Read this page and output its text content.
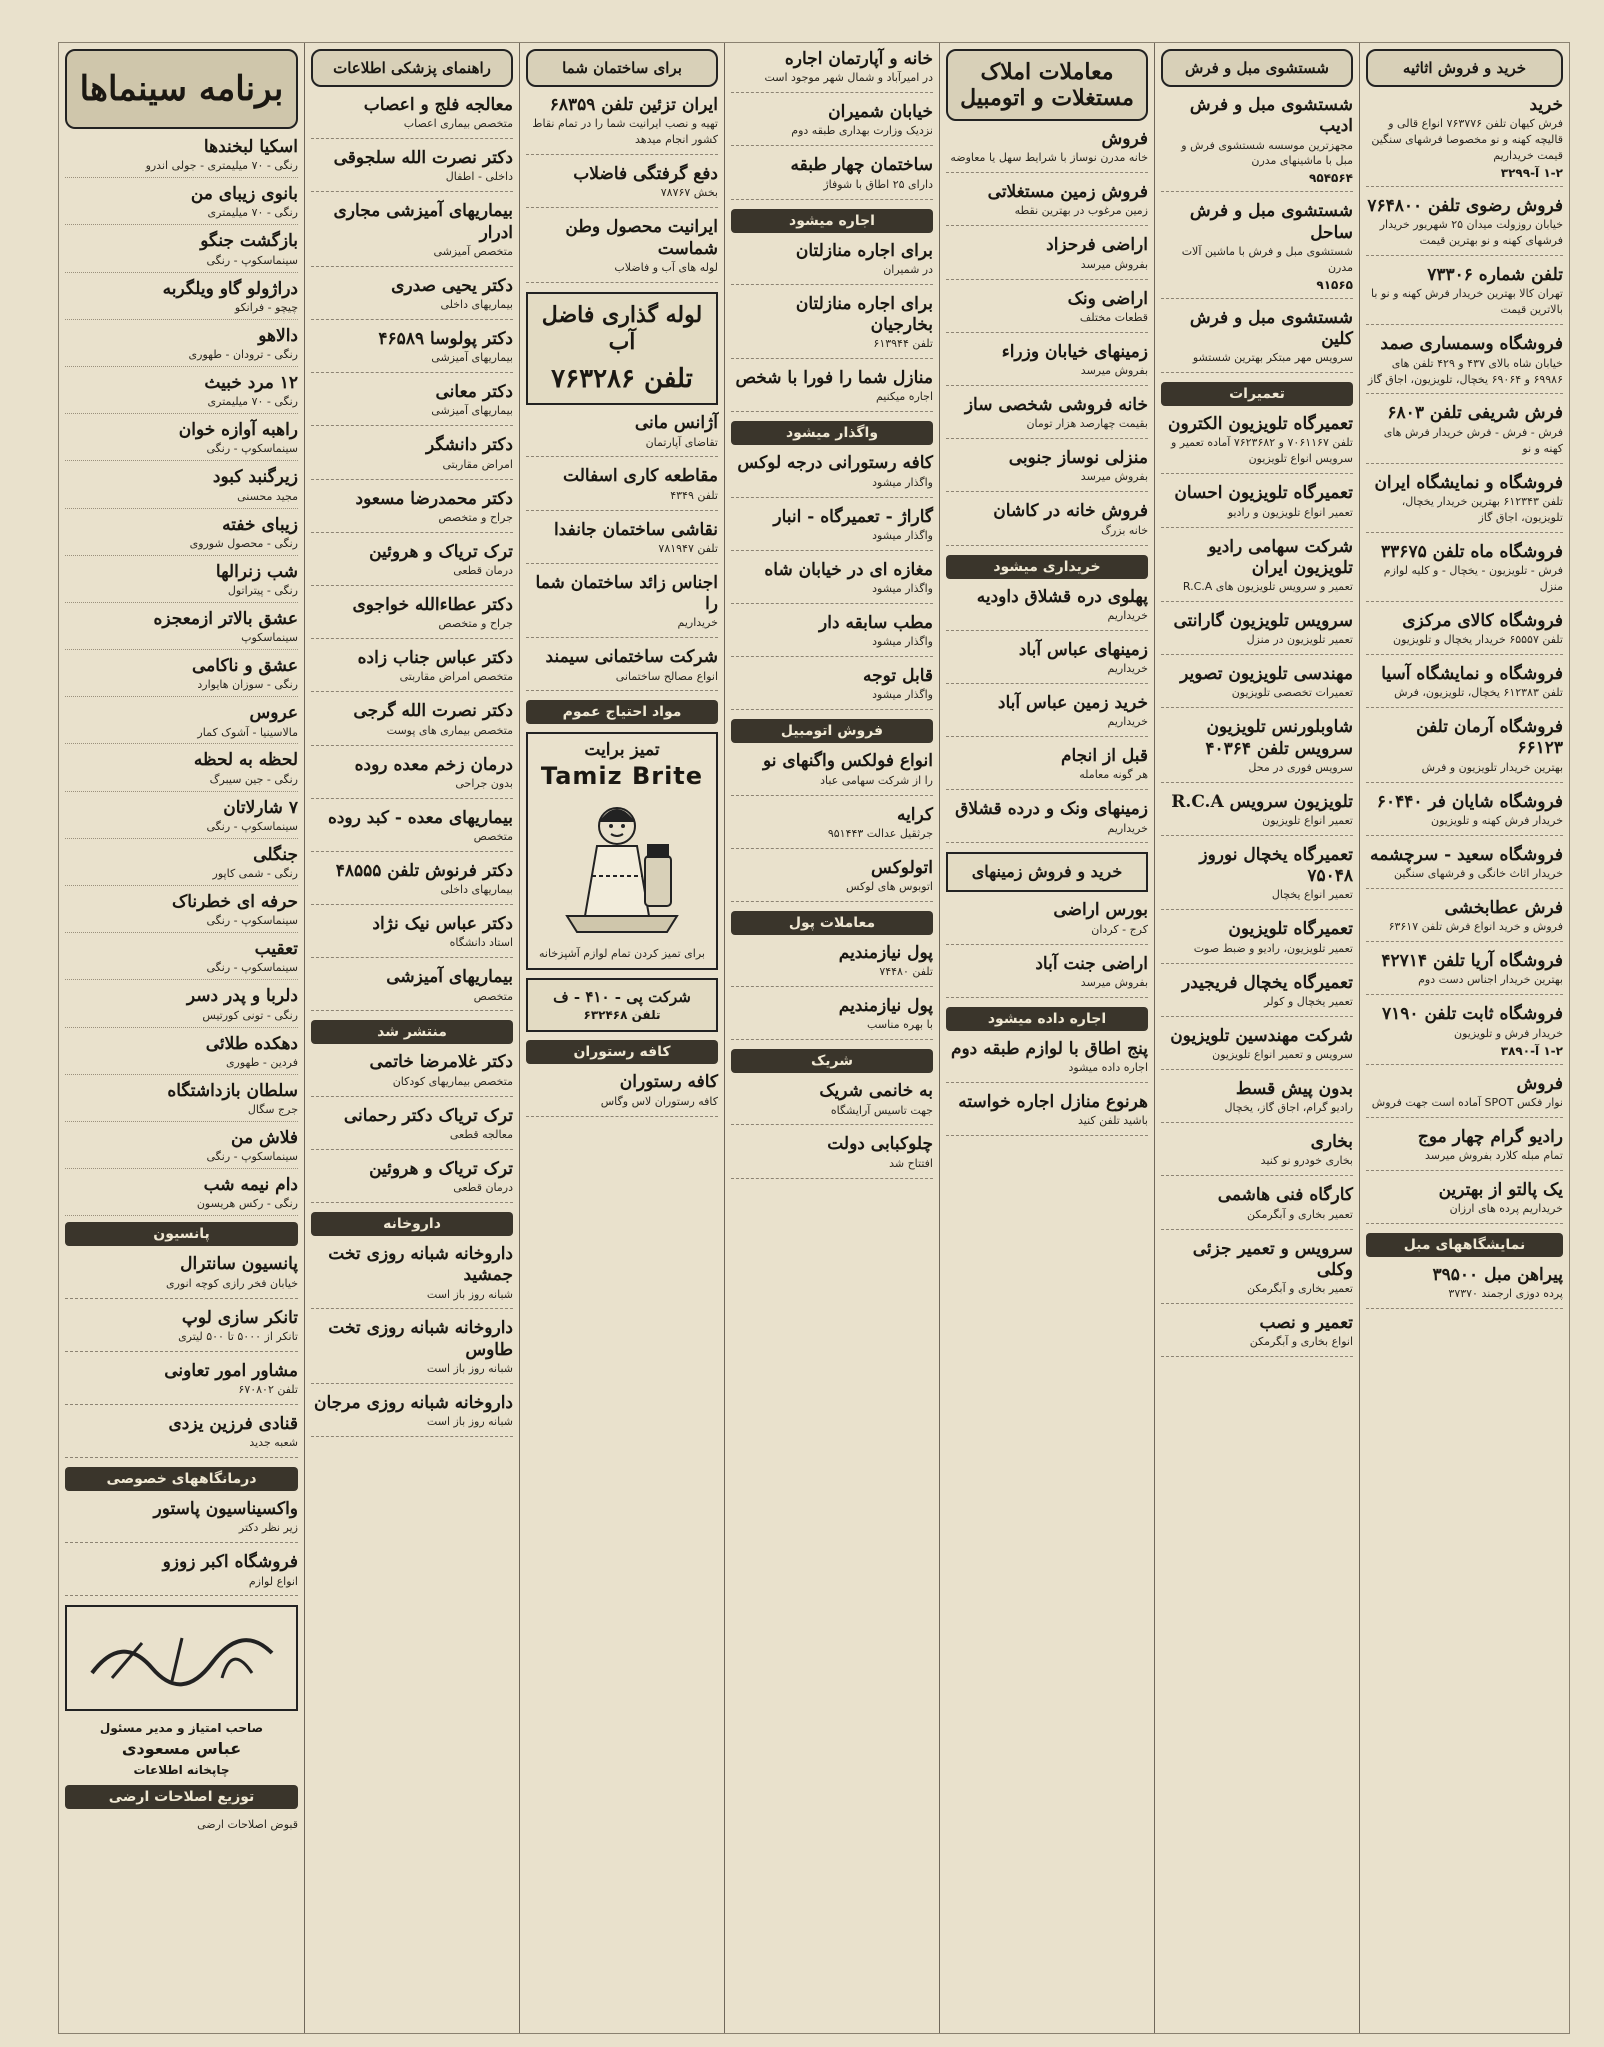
خرید و فروش اثاثیه
خرید
فرش کیهان تلفن ۷۶۳۷۷۶ انواع قالی و قالیچه کهنه و نو مخصوصا فرشهای سنگین قیمت خریداریم
۱-۲ آ-۳۲۹۹
فروش رضوی تلفن ۷۶۴۸۰۰
خیابان روزولت میدان ۲۵ شهریور خریدار فرشهای کهنه و نو بهترین قیمت
تلفن شماره ۷۳۳۰۶
تهران کالا بهترین خریدار فرش کهنه و نو با بالاترین قیمت
فروشگاه وسمساری صمد
خیابان شاه بالای ۴۳۷ و ۴۲۹ تلفن های ۶۹۹۸۶ و ۶۹۰۶۴ یخچال، تلویزیون، اجاق گاز
فرش شریفی تلفن ۶۸۰۳
فرش - فرش - فرش خریدار فرش های کهنه و نو
فروشگاه و نمایشگاه ایران
تلفن ۶۱۲۳۴۳ بهترین خریدار یخچال، تلویزیون، اجاق گاز
فروشگاه ماه تلفن ۳۳۶۷۵
فرش - تلویزیون - یخچال - و کلیه لوازم منزل
فروشگاه کالای مرکزی
تلفن ۶۵۵۵۷ خریدار یخچال و تلویزیون
فروشگاه و نمایشگاه آسیا
تلفن ۶۱۲۳۸۳ یخچال، تلویزیون، فرش
فروشگاه آرمان تلفن ۶۶۱۲۳
بهترین خریدار تلویزیون و فرش
فروشگاه شایان فر ۶۰۴۴۰
خریدار فرش کهنه و تلویزیون
فروشگاه سعید - سرچشمه
خریدار اثاث خانگی و فرشهای سنگین
فرش عطابخشی
فروش و خرید انواع فرش تلفن ۶۳۶۱۷
فروشگاه آریا تلفن ۴۲۷۱۴
بهترین خریدار اجناس دست دوم
فروشگاه ثابت تلفن ۷۱۹۰
خریدار فرش و تلویزیون
۱-۲ آ-۳۸۹۰
فروش
نوار فکس SPOT آماده است جهت فروش
رادیو گرام چهار موج
تمام مبله کلارد بفروش میرسد
یک پالتو از بهترین
خریداریم پرده های ارزان
نمایشگاههای مبل
پیراهن مبل ۳۹۵۰۰
پرده دوزی ارجمند ۳۷۳۷۰
شستشوی مبل و فرش
شستشوی مبل و فرش ادیب
مجهزترین موسسه شستشوی فرش و مبل با ماشینهای مدرن
۹۵۴۵۶۴
شستشوی مبل و فرش ساحل
شستشوی مبل و فرش با ماشین آلات مدرن
۹۱۵۶۵
شستشوی مبل و فرش کلین
سرویس مهر مبتکر بهترین شستشو
تعمیرات
تعمیرگاه تلویزیون الکترون
تلفن ۷۰۶۱۱۶۷ و ۷۶۲۳۶۸۲ آماده تعمیر و سرویس انواع تلویزیون
تعمیرگاه تلویزیون احسان
تعمیر انواع تلویزیون و رادیو
شرکت سهامی رادیو تلویزیون ایران
تعمیر و سرویس تلویزیون های R.C.A
سرویس تلویزیون گارانتی
تعمیر تلویزیون در منزل
مهندسی تلویزیون تصویر
تعمیرات تخصصی تلویزیون
شاوبلورنس تلویزیون سرویس تلفن ۴۰۳۶۴
سرویس فوری در محل
تلویزیون سرویس R.C.A
تعمیر انواع تلویزیون
تعمیرگاه یخچال نوروز ۷۵۰۴۸
تعمیر انواع یخچال
تعمیرگاه تلویزیون
تعمیر تلویزیون، رادیو و ضبط صوت
تعمیرگاه یخچال فریجیدر
تعمیر یخچال و کولر
شرکت مهندسین تلویزیون
سرویس و تعمیر انواع تلویزیون
بدون پیش قسط
رادیو گرام، اجاق گاز، یخچال
بخاری
بخاری خودرو نو کنید
کارگاه فنی هاشمی
تعمیر بخاری و آبگرمکن
سرویس و تعمیر جزئی وکلی
تعمیر بخاری و آبگرمکن
تعمیر و نصب
انواع بخاری و آبگرمکن
معاملات املاک مستغلات و اتومبیل
فروش
خانه مدرن نوساز با شرایط سهل یا معاوضه
فروش زمین مستغلاتی
زمین مرغوب در بهترین نقطه
اراضی فرحزاد
بفروش میرسد
اراضی ونک
قطعات مختلف
زمینهای خیابان وزراء
بفروش میرسد
خانه فروشی شخصی ساز
بقیمت چهارصد هزار تومان
منزلی نوساز جنوبی
بفروش میرسد
فروش خانه در کاشان
خانه بزرگ
خریداری میشود
پهلوی دره قشلاق داودیه
خریداریم
زمینهای عباس آباد
خریداریم
خرید زمین عباس آباد
خریداریم
قبل از انجام
هر گونه معامله
زمینهای ونک و درده قشلاق
خریداریم
خرید و فروش زمینهای
بورس اراضی
کرج - کردان
اراضی جنت آباد
بفروش میرسد
اجاره داده میشود
پنج اطاق با لوازم طبقه دوم
اجاره داده میشود
هرنوع منازل اجاره خواسته
باشید تلفن کنید
خانه و آپارتمان اجاره
در امیرآباد و شمال شهر موجود است
خیابان شمیران
نزدیک وزارت بهداری طبقه دوم
ساختمان چهار طبقه
دارای ۲۵ اطاق با شوفاژ
اجاره میشود
برای اجاره منازلتان
در شمیران
برای اجاره منازلتان بخارجیان
تلفن ۶۱۳۹۴۴
منازل شما را فورا با شخص
اجاره میکنیم
واگذار میشود
کافه رستورانی درجه لوکس
واگذار میشود
گاراژ - تعمیرگاه - انبار
واگذار میشود
مغازه ای در خیابان شاه
واگذار میشود
مطب سابقه دار
واگذار میشود
قابل توجه
واگذار میشود
فروش اتومبیل
انواع فولکس واگنهای نو
را از شرکت سهامی عباد
کرایه
جرثقیل عدالت ۹۵۱۴۴۳
اتولوکس
اتوبوس های لوکس
معاملات پول
پول نیازمندیم
تلفن ۷۴۴۸۰
پول نیازمندیم
با بهره مناسب
شریک
به خانمی شریک
جهت تاسیس آرایشگاه
چلوکبابی دولت
افتتاح شد
برای ساختمان شما
ایران تزئین تلفن ۶۸۳۵۹
تهیه و نصب ایرانیت شما را در تمام نقاط کشور انجام میدهد
دفع گرفتگی فاضلاب
بخش ۷۸۷۶۷
ایرانیت محصول وطن شماست
لوله های آب و فاضلاب
لوله گذاری فاضل آب
تلفن ۷۶۳۲۸۶
آژانس مانی
تقاضای آپارتمان
مقاطعه کاری اسفالت
تلفن ۴۳۴۹
نقاشی ساختمان جانفدا
تلفن ۷۸۱۹۴۷
اجناس زائد ساختمان شما را
خریداریم
شرکت ساختمانی سیمند
انواع مصالح ساختمانی
مواد احتیاج عموم
تمیز برایت
Tamiz Brite
برای تمیز کردن تمام لوازم آشپزخانه
شرکت پی - ۴۱۰ - ف
تلفن ۶۳۲۴۶۸
کافه رستوران
کافه رستوران
کافه رستوران لاس وگاس
راهنمای پزشکی اطلاعات
معالجه فلج و اعصاب
متخصص بیماری اعصاب
دکتر نصرت الله سلجوقی
داخلی - اطفال
بیماریهای آمیزشی مجاری ادرار
متخصص آمیزشی
دکتر یحیی صدری
بیماریهای داخلی
دکتر پولوسا ۴۶۵۸۹
بیماریهای آمیزشی
دکتر معانی
بیماریهای آمیزشی
دکتر دانشگر
امراض مقاربتی
دکتر محمدرضا مسعود
جراح و متخصص
ترک تریاک و هروئین
درمان قطعی
دکتر عطاءالله خواجوی
جراح و متخصص
دکتر عباس جناب زاده
متخصص امراض مقاربتی
دکتر نصرت الله گرجی
متخصص بیماری های پوست
درمان زخم معده روده
بدون جراحی
بیماریهای معده - کبد روده
متخصص
دکتر فرنوش تلفن ۴۸۵۵۵
بیماریهای داخلی
دکتر عباس نیک نژاد
استاد دانشگاه
بیماریهای آمیزشی
متخصص
منتشر شد
دکتر غلامرضا خاتمی
متخصص بیماریهای کودکان
ترک تریاک دکتر رحمانی
معالجه قطعی
ترک تریاک و هروئین
درمان قطعی
داروخانه
داروخانه شبانه روزی تخت جمشید
شبانه روز باز است
داروخانه شبانه روزی تخت طاوس
شبانه روز باز است
داروخانه شبانه روزی مرجان
شبانه روز باز است
برنامه سینماها
اسکیا لبخندها
رنگی - ۷۰ میلیمتری - جولی اندرو
بانوی زیبای من
رنگی - ۷۰ میلیمتری
بازگشت جنگو
سینماسکوپ - رنگی
دراژولو گاو ویلگربه
چیچو - فرانکو
دالاهو
رنگی - ترودان - طهوری
۱۲ مرد خبیث
رنگی - ۷۰ میلیمتری
راهبه آوازه خوان
سینماسکوپ - رنگی
زیرگنبد کبود
مجید محسنی
زیبای خفته
رنگی - محصول شوروی
شب زنرالها
رنگی - پیتراتول
عشق بالاتر ازمعجزه
سینماسکوپ
عشق و ناکامی
رنگی - سوزان هایوارد
عروس
مالاسینیا - آشوک کمار
لحظه به لحظه
رنگی - جین سیبرگ
۷ شارلاتان
سینماسکوپ - رنگی
جنگلی
رنگی - شمی کاپور
حرفه ای خطرناک
سینماسکوپ - رنگی
تعقیب
سینماسکوپ - رنگی
دلربا و پدر دسر
رنگی - تونی کورتیس
دهکده طلائی
فردین - طهوری
سلطان بازداشتگاه
جرج سگال
فلاش من
سینماسکوپ - رنگی
دام نیمه شب
رنگی - رکس هریسون
پانسیون
پانسیون سانترال
خیابان فخر رازی کوچه انوری
تانکر سازی لوپ
تانکر از ۵۰۰۰ تا ۵۰۰ لیتری
مشاور امور تعاونی
تلفن ۶۷۰۸۰۲
قنادی فرزین یزدی
شعبه جدید
درمانگاههای خصوصی
واکسیناسیون پاستور
زیر نظر دکتر
فروشگاه اکبر زوزو
انواع لوازم
صاحب امتیاز و مدیر مسئول
عباس مسعودی
چاپخانه اطلاعات
توزیع اصلاحات ارضی
قبوض اصلاحات ارضی
